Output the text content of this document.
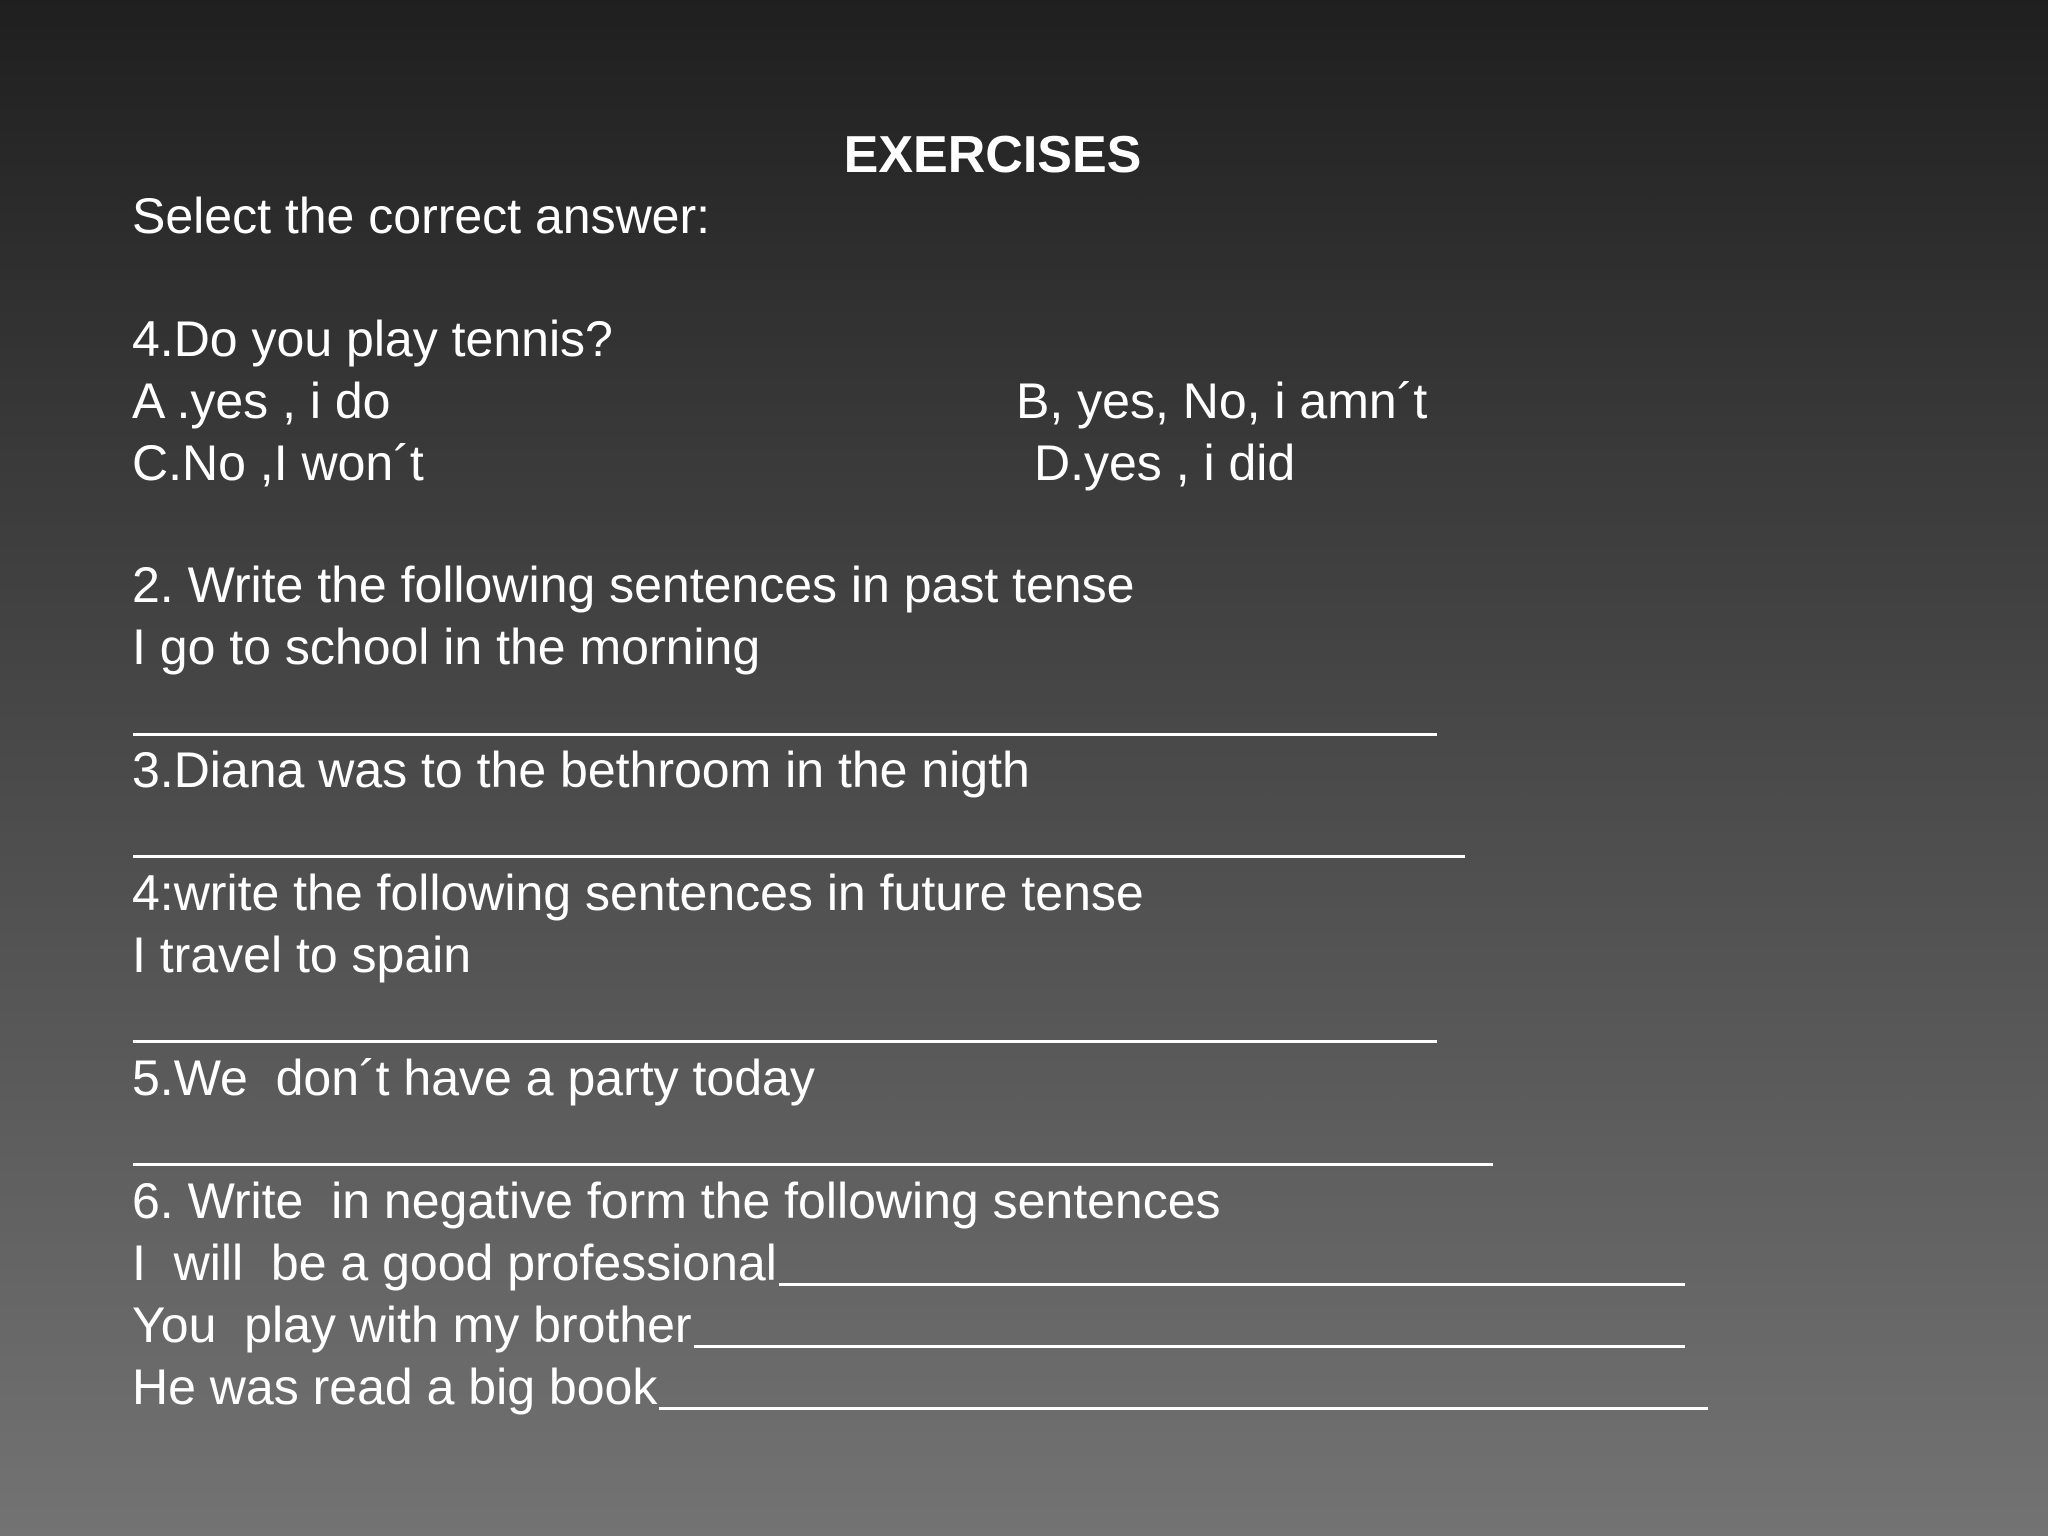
EXERCISES
Select the correct answer:
4.Do you play tennis?
A .yes , i do	B, yes, No, i amn´t
C.No ,I won´t	D.yes , i did
2. Write the following sentences in past tense
I go to school in the morning
3.Diana was to the bethroom in the nigth
4:write the following sentences in future tense
I travel to spain
5.We  don´t have a party today
6. Write  in negative form the following sentences
I  will  be a good professional
You  play with my brother
He was read a big book
